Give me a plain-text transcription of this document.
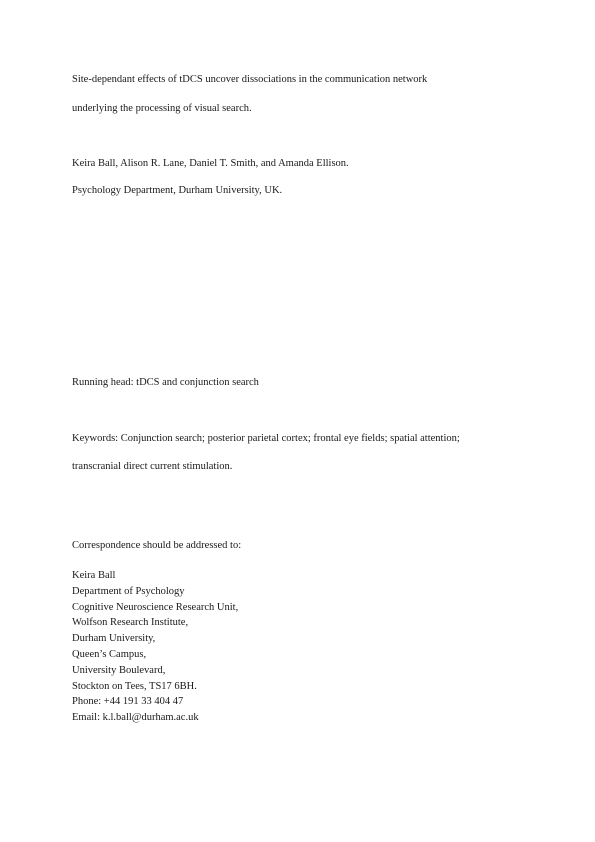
Site-dependant effects of tDCS uncover dissociations in the communication network
underlying the processing of visual search.
Keira Ball, Alison R. Lane, Daniel T. Smith, and Amanda Ellison.
Psychology Department, Durham University, UK.
Running head: tDCS and conjunction search
Keywords: Conjunction search; posterior parietal cortex; frontal eye fields; spatial attention;
transcranial direct current stimulation.
Correspondence should be addressed to:
Keira Ball
Department of Psychology
Cognitive Neuroscience Research Unit,
Wolfson Research Institute,
Durham University,
Queen’s Campus,
University Boulevard,
Stockton on Tees, TS17 6BH.
Phone: +44 191 33 404 47
Email: k.l.ball@durham.ac.uk
